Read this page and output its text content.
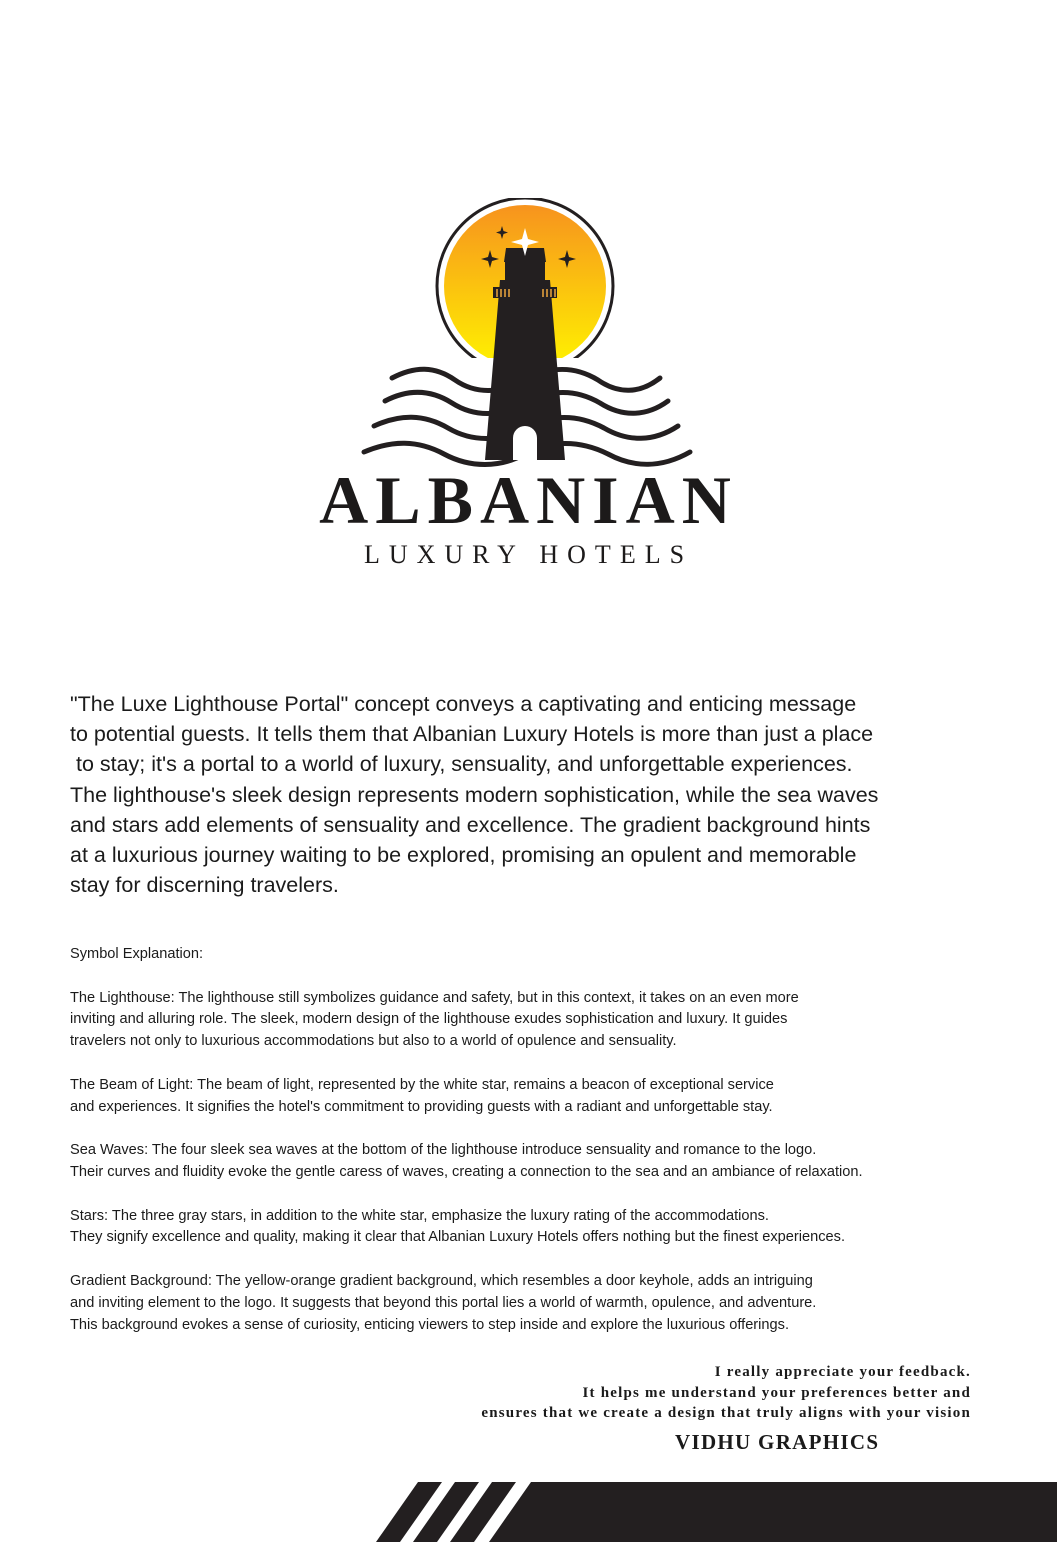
ALBANIAN
LUXURY HOTELS
"The Luxe Lighthouse Portal" concept conveys a captivating and enticing message
to potential guests. It tells them that Albanian Luxury Hotels is more than just a place
to stay; it's a portal to a world of luxury, sensuality, and unforgettable experiences.
The lighthouse's sleek design represents modern sophistication, while the sea waves
and stars add elements of sensuality and excellence. The gradient background hints
at a luxurious journey waiting to be explored, promising an opulent and memorable
stay for discerning travelers.
Symbol Explanation:
The Lighthouse: The lighthouse still symbolizes guidance and safety, but in this context, it takes on an even more
inviting and alluring role. The sleek, modern design of the lighthouse exudes sophistication and luxury. It guides
travelers not only to luxurious accommodations but also to a world of opulence and sensuality.
The Beam of Light: The beam of light, represented by the white star, remains a beacon of exceptional service
and experiences. It signifies the hotel's commitment to providing guests with a radiant and unforgettable stay.
Sea Waves: The four sleek sea waves at the bottom of the lighthouse introduce sensuality and romance to the logo.
Their curves and fluidity evoke the gentle caress of waves, creating a connection to the sea and an ambiance of relaxation.
Stars: The three gray stars, in addition to the white star, emphasize the luxury rating of the accommodations.
They signify excellence and quality, making it clear that Albanian Luxury Hotels offers nothing but the finest experiences.
Gradient Background: The yellow-orange gradient background, which resembles a door keyhole, adds an intriguing
and inviting element to the logo. It suggests that beyond this portal lies a world of warmth, opulence, and adventure.
This background evokes a sense of curiosity, enticing viewers to step inside and explore the luxurious offerings.
I really appreciate your feedback.
It helps me understand your preferences better and
ensures that we create a design that truly aligns with your vision
VIDHU GRAPHICS
